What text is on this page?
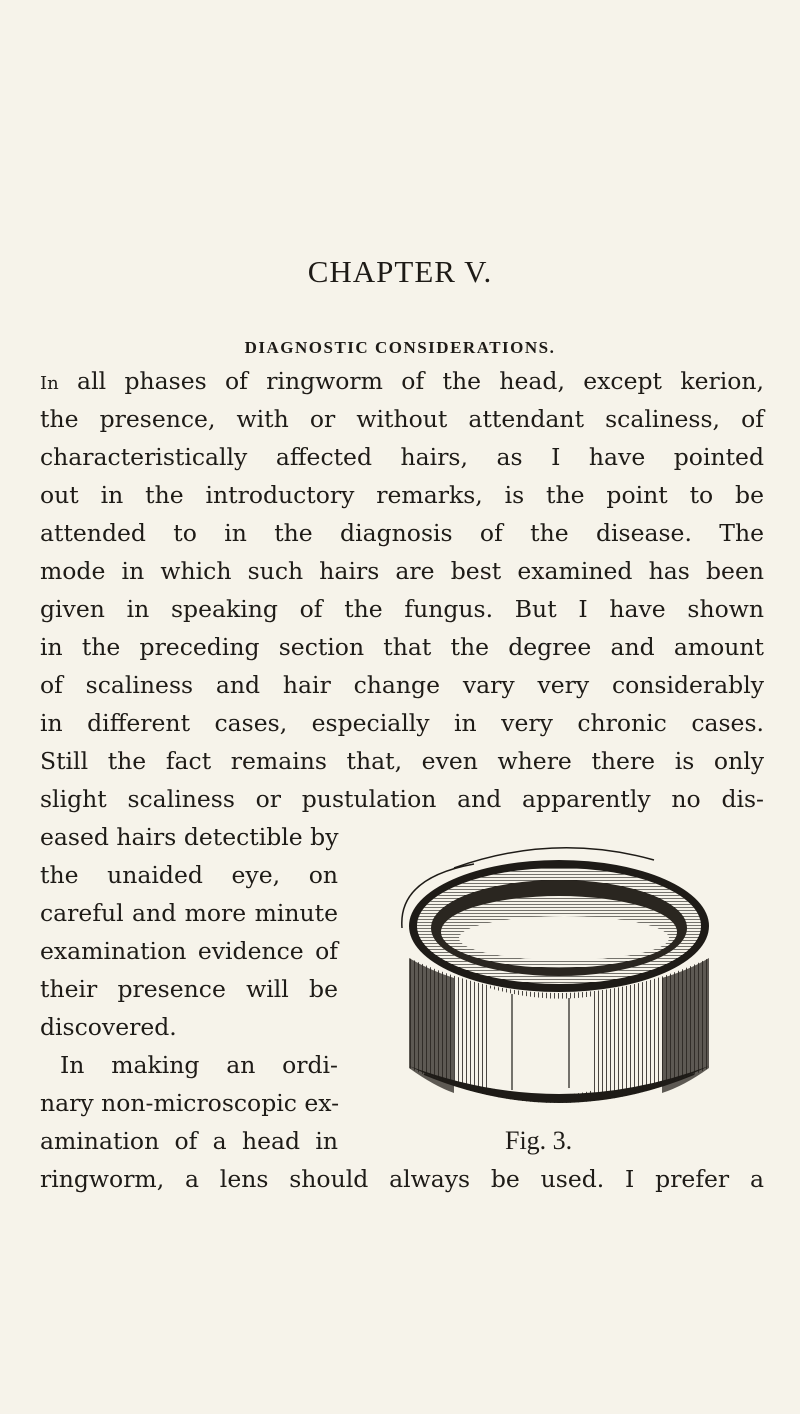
CHAPTER V.
DIAGNOSTIC CONSIDERATIONS.
In all phases of ringworm of the head, except kerion,
the presence, with or without attendant scaliness, of
characteristically affected hairs, as I have pointed
out in the introductory remarks, is the point to be
attended to in the diagnosis of the disease. The
mode in which such hairs are best examined has been
given in speaking of the fungus. But I have shown
in the preceding section that the degree and amount
of scaliness and hair change vary very considerably
in different cases, especially in very chronic cases.
Still the fact remains that, even where there is only
slight scaliness or pustulation and apparently no dis-
eased hairs detectible by
the unaided eye, on
careful and more minute
examination evidence of
their presence will be
discovered.
In making an ordi-
nary non-microscopic ex-
amination of a head in
ringworm, a lens should always be used. I prefer a
Fig. 3.
